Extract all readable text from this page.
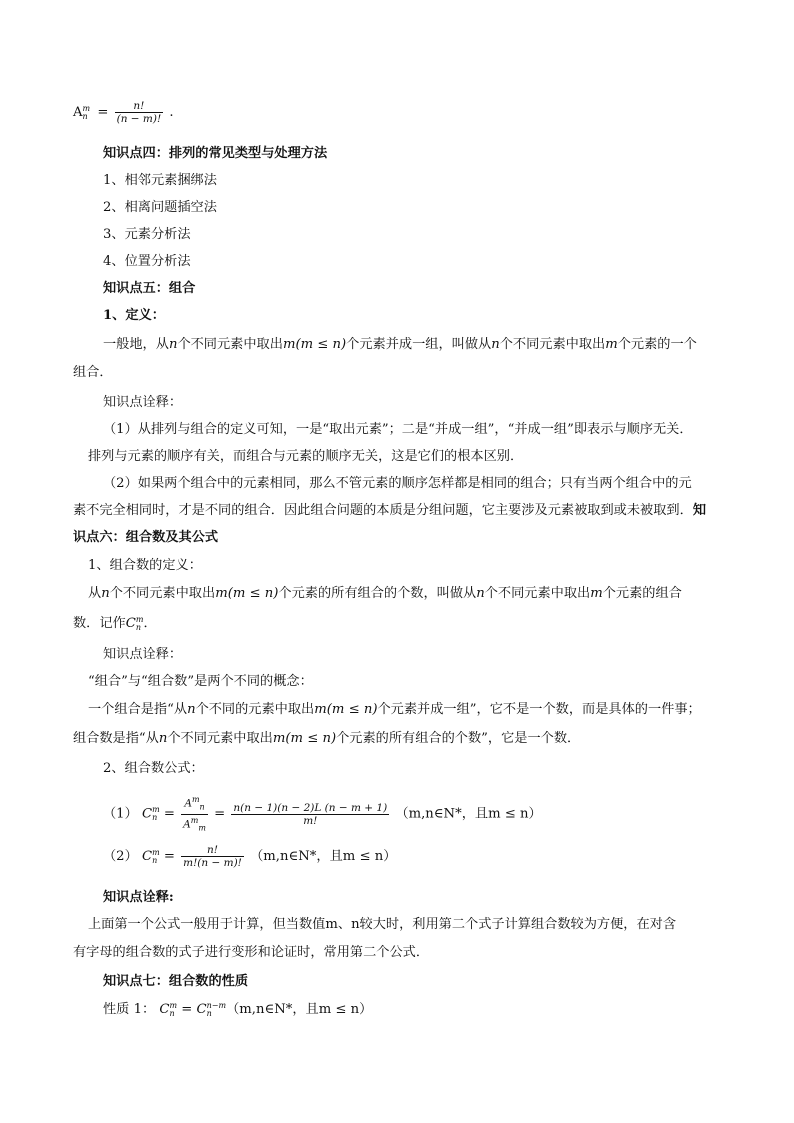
A m
$n = \frac{n!}{(n - m)!}$ .
知识点四：排列的常见类型与处理方法
1、相邻元素捆绑法
2、相离问题插空法
3、元素分析法
4、位置分析法
知识点五：组合
1、定义：
一般地，从n个不同元素中取出m(m ≤ n)个元素并成一组，叫做从n个不同元素中取出m个元素的一个
组合．
知识点诠释：
（1）从排列与组合的定义可知，一是“取出元素”；二是“并成一组”，“并成一组”即表示与顺序无关．
排列与元素的顺序有关，而组合与元素的顺序无关，这是它们的根本区别．
（2）如果两个组合中的元素相同，那么不管元素的顺序怎样都是相同的组合；只有当两个组合中的元
素不完全相同时，才是不同的组合．因此组合问题的本质是分组问题，它主要涉及元素被取到或未被取到．知
识点六：组合数及其公式
1、组合数的定义：
从n个不同元素中取出m(m ≤ n)个元素的所有组合的个数，叫做从n个不同元素中取出m个元素的组合
数．记作C m
n ．
知识点诠释：
“组合”与“组合数”是两个不同的概念：
一个组合是指“从n个不同的元素中取出m(m ≤ n)个元素并成一组”，它不是一个数，而是具体的一件事；
组合数是指“从n个不同元素中取出m(m ≤ n)个元素的所有组合的个数”，它是一个数．
2、组合数公式：
（1） C m
$n = \frac{A^m_n}{A^m_m} = \frac{n(n - 1)(n - 2)L (n - m + 1)}{m!}$ （m,n∈N*，且m ≤ n）
（2） C m
$n = \frac{n!}{m!(n - m)!}$ （m,n∈N*，且m ≤ n）
知识点诠释:
上面第一个公式一般用于计算，但当数值m、n较大时，利用第二个式子计算组合数较为方便，在对含
有字母的组合数的式子进行变形和论证时，常用第二个公式．
知识点七：组合数的性质
性质 1： C m
n = C n−m
n	（m,n∈N*，且m ≤ n）
